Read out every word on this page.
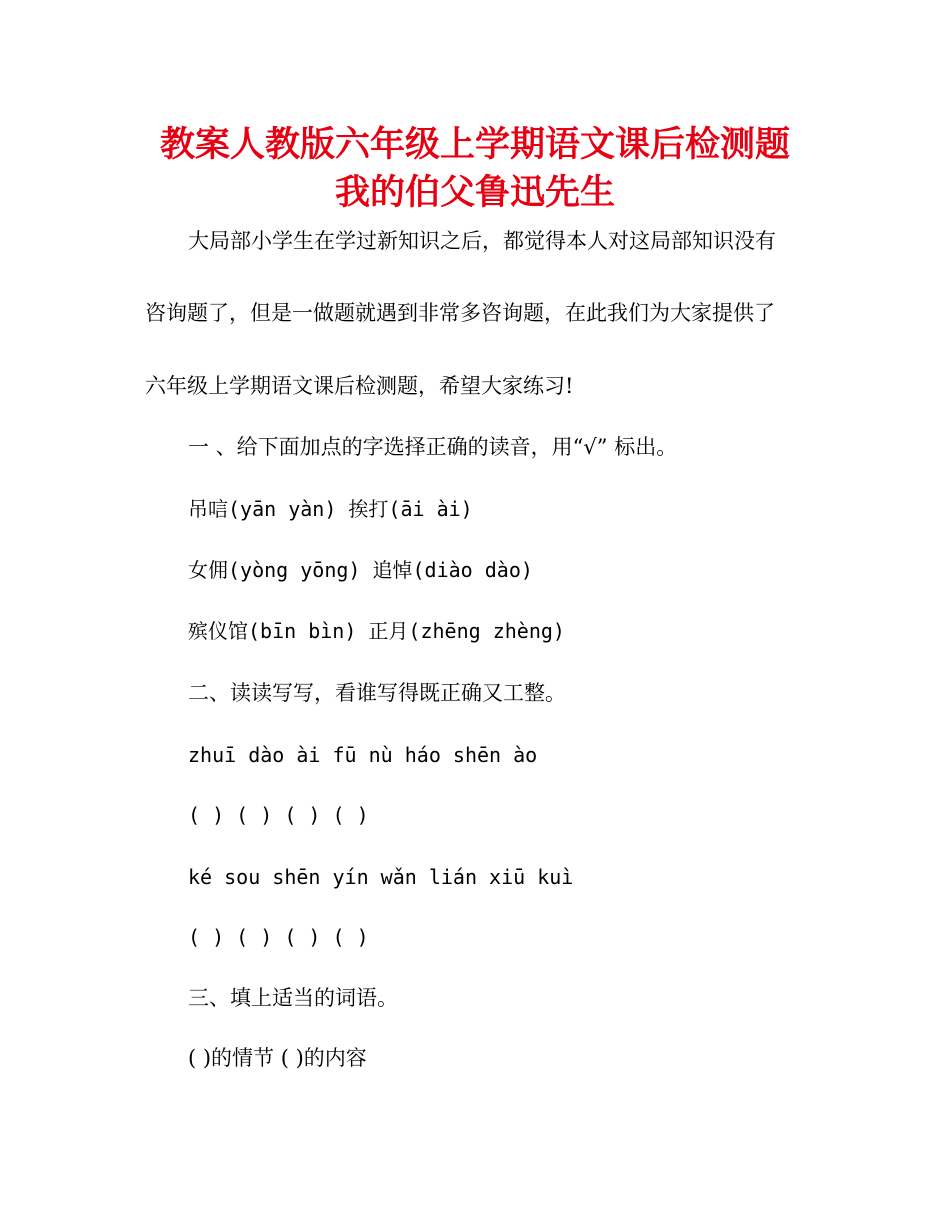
教案人教版六年级上学期语文课后检测题
我的伯父鲁迅先生
大局部小学生在学过新知识之后，都觉得本人对这局部知识没有
咨询题了，但是一做题就遇到非常多咨询题，在此我们为大家提供了
六年级上学期语文课后检测题，希望大家练习!
一 、给下面加点的字选择正确的读音，用“√” 标出。
吊唁(yān yàn) 挨打(āi ài)
女佣(yòng yōng) 追悼(diào dào)
殡仪馆(bīn bìn) 正月(zhēng zhèng)
二、读读写写，看谁写得既正确又工整。
zhuī dào ài fū nù háo shēn ào
( ) ( ) ( ) ( )
ké sou shēn yín wǎn lián xiū kuì
( ) ( ) ( ) ( )
三、填上适当的词语。
( )的情节 ( )的内容
